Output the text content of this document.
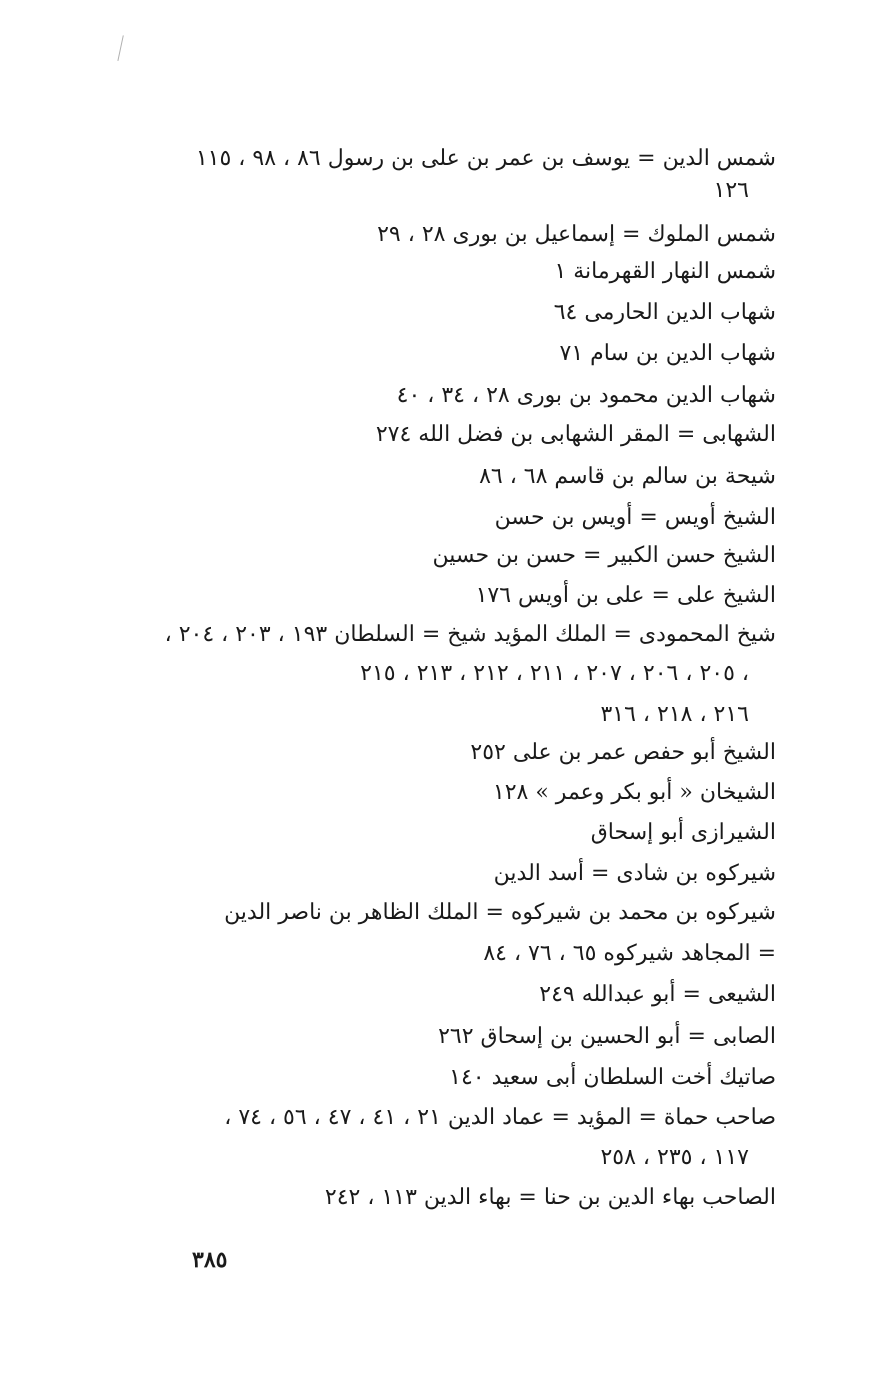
شمس الدين = يوسف بن عمر بن على بن رسول ٨٦ ، ٩٨ ، ١١٥
١٢٦
شمس الملوك = إسماعيل بن بورى ٢٨ ، ٢٩
شمس النهار القهرمانة ١
شهاب الدين الحارمى ٦٤
شهاب الدين بن سام ٧١
شهاب الدين محمود بن بورى ٢٨ ، ٣٤ ، ٤٠
الشهابى = المقر الشهابى بن فضل الله ٢٧٤
شيحة بن سالم بن قاسم ٦٨ ، ٨٦
الشيخ أويس = أويس بن حسن
الشيخ حسن الكبير = حسن بن حسين
الشيخ على = على بن أويس ١٧٦
شيخ المحمودى = الملك المؤيد شيخ = السلطان ١٩٣ ، ٢٠٣ ، ٢٠٤ ،
٢٠٥ ، ٢٠٦ ، ٢٠٧ ، ٢١١ ، ٢١٢ ، ٢١٣ ، ٢١٥ ،
٢١٦ ، ٢١٨ ، ٣١٦
الشيخ أبو حفص عمر بن على ٢٥٢
الشيخان « أبو بكر وعمر » ١٢٨
الشيرازى أبو إسحاق
شيركوه بن شادى = أسد الدين
شيركوه بن محمد بن شيركوه = الملك الظاهر بن ناصر الدين
= المجاهد شيركوه ٦٥ ، ٧٦ ، ٨٤
الشيعى = أبو عبدالله ٢٤٩
الصابى = أبو الحسين بن إسحاق ٢٦٢
صاتيك أخت السلطان أبى سعيد ١٤٠
صاحب حماة = المؤيد = عماد الدين ٢١ ، ٤١ ، ٤٧ ، ٥٦ ، ٧٤ ،
١١٧ ، ٢٣٥ ، ٢٥٨
الصاحب بهاء الدين بن حنا = بهاء الدين ١١٣ ، ٢٤٢
٣٨٥
